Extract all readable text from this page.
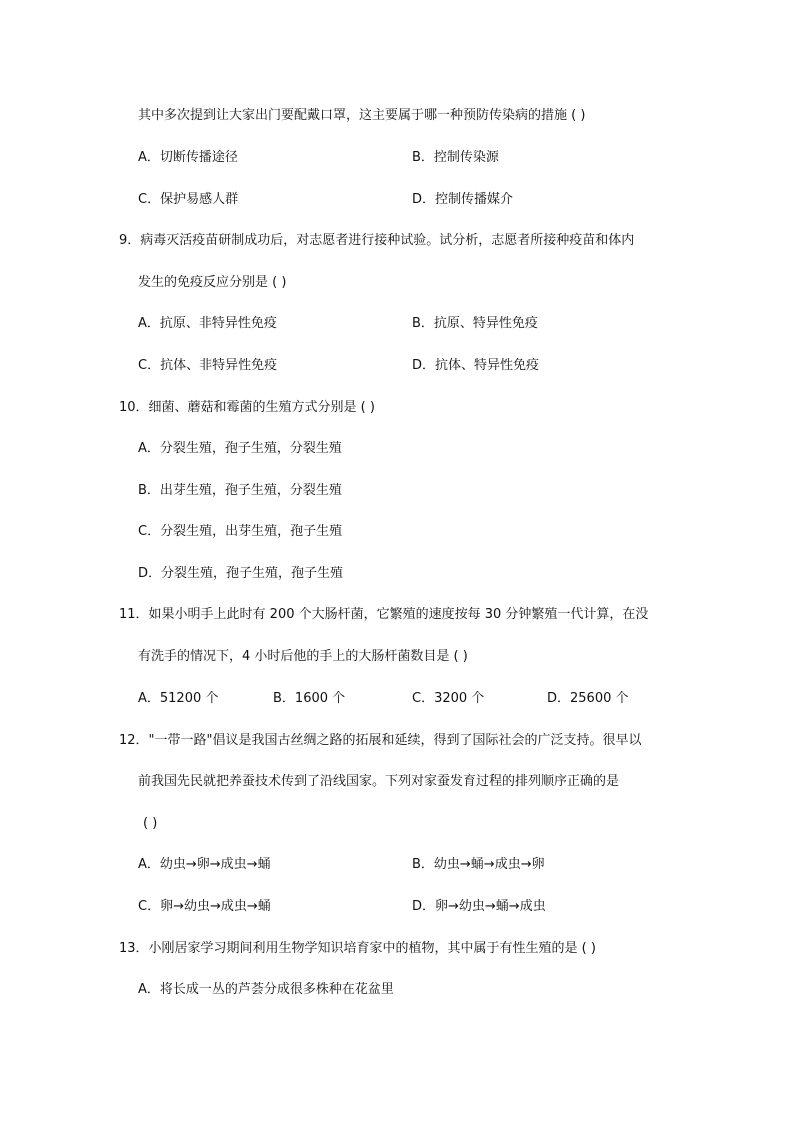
其中多次提到让大家出门要配戴口罩，这主要属于哪一种预防传染病的措施 ( )
A．切断传播途径	B．控制传染源
C．保护易感人群	D．控制传播媒介
9．病毒灭活疫苗研制成功后，对志愿者进行接种试验。试分析，志愿者所接种疫苗和体内
发生的免疫反应分别是 ( )
A．抗原、非特异性免疫	B．抗原、特异性免疫
C．抗体、非特异性免疫	D．抗体、特异性免疫
10．细菌、蘑菇和霉菌的生殖方式分别是 ( )
A．分裂生殖，孢子生殖，分裂生殖
B．出芽生殖，孢子生殖，分裂生殖
C．分裂生殖，出芽生殖，孢子生殖
D．分裂生殖，孢子生殖，孢子生殖
11．如果小明手上此时有 200 个大肠杆菌，它繁殖的速度按每 30 分钟繁殖一代计算，在没
有洗手的情况下，4 小时后他的手上的大肠杆菌数目是 ( )
A．51200 个	B．1600 个	C．3200 个	D．25600 个
12．"一带一路"倡议是我国古丝绸之路的拓展和延续，得到了国际社会的广泛支持。很早以
前我国先民就把养蚕技术传到了沿线国家。下列对家蚕发育过程的排列顺序正确的是
( )
A．幼虫→卵→成虫→蛹	B．幼虫→蛹→成虫→卵
C．卵→幼虫→成虫→蛹	D．卵→幼虫→蛹→成虫
13．小刚居家学习期间利用生物学知识培育家中的植物，其中属于有性生殖的是 ( )
A．将长成一丛的芦荟分成很多株种在花盆里
